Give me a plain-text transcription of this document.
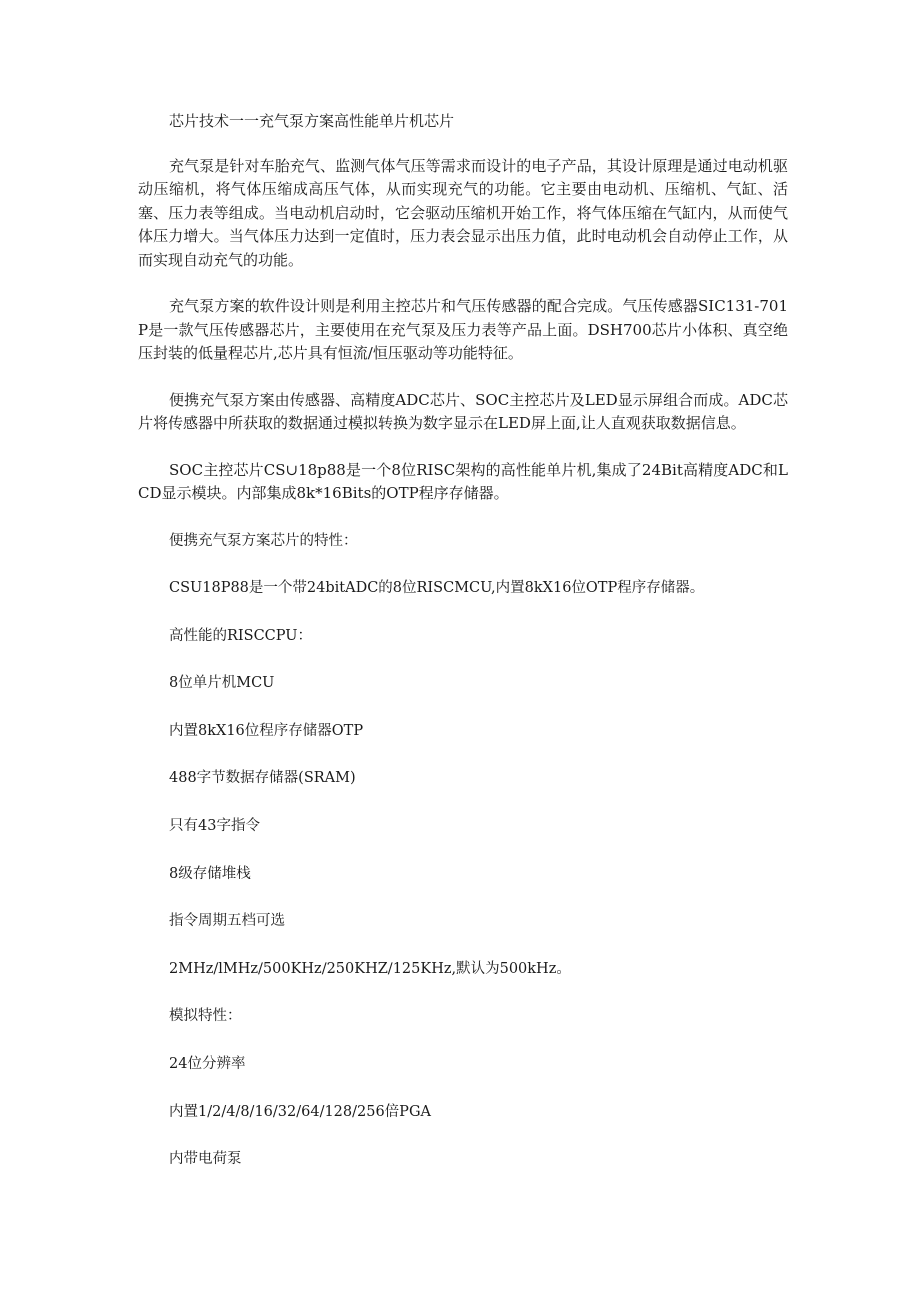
芯片技术一一充气泵方案高性能单片机芯片

充气泵是针对车胎充气、监测气体气压等需求而设计的电子产品，其设计原理是通过电动机驱动压缩机，将气体压缩成高压气体，从而实现充气的功能。它主要由电动机、压缩机、气缸、活塞、压力表等组成。当电动机启动时，它会驱动压缩机开始工作，将气体压缩在气缸内，从而使气体压力增大。当气体压力达到一定值时，压力表会显示出压力值，此时电动机会自动停止工作，从而实现自动充气的功能。

充气泵方案的软件设计则是利用主控芯片和气压传感器的配合完成。气压传感器SIC131-701P是一款气压传感器芯片，主要使用在充气泵及压力表等产品上面。DSH700芯片小体积、真空绝压封装的低量程芯片,芯片具有恒流/恒压驱动等功能特征。

便携充气泵方案由传感器、高精度ADC芯片、SOC主控芯片及LED显示屏组合而成。ADC芯片将传感器中所获取的数据通过模拟转换为数字显示在LED屏上面,让人直观获取数据信息。

SOC主控芯片CS∪18p88是一个8位RISC架构的高性能单片机,集成了24Bit高精度ADC和LCD显示模块。内部集成8k*16Bits的OTP程序存储器。

便携充气泵方案芯片的特性：

CSU18P88是一个带24bitADC的8位RISCMCU,内置8kX16位OTP程序存储器。

高性能的RISCCPU：

8位单片机MCU

内置8kX16位程序存储器OTP

488字节数据存储器(SRAM)

只有43字指令

8级存储堆栈

指令周期五档可选

2MHz∕lMHz∕500KHz∕250KHZ∕125KHz,默认为500kHz。

模拟特性：

24位分辨率

内置1/2/4/8/16/32/64/128/256倍PGA

内带电荷泵
